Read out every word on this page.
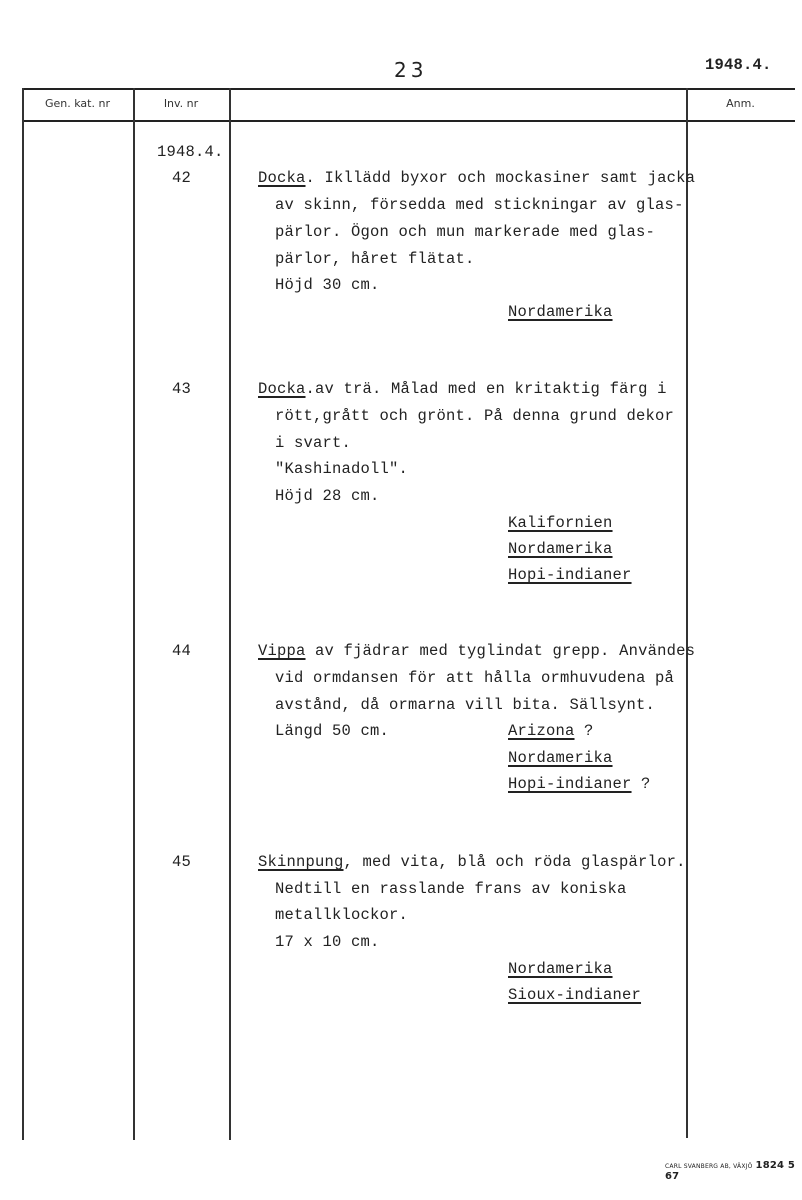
23	1948.4.
Gen. kat. nr	Inv. nr	Anm.
1948.4.
42	Docka. Ikllädd byxor och mockasiner samt jacka
av skinn, försedda med stickningar av glas-
pärlor. Ögon och mun markerade med glas-
pärlor, håret flätat.
Höjd 30 cm.
Nordamerika
43	Docka.av trä. Målad med en kritaktig färg i
rött,grått och grönt. På denna grund dekor
i svart.
"Kashinadoll".
Höjd 28 cm.
Kalifornien
Nordamerika
Hopi-indianer
44	Vippa av fjädrar med tyglindat grepp. Användes
vid ormdansen för att hålla ormhuvudena på
avstånd, då ormarna vill bita. Sällsynt.
Längd 50 cm.	Arizona ?
Nordamerika
Hopi-indianer ?
45	Skinnpung, med vita, blå och röda glaspärlor.
Nedtill en rasslande frans av koniska
metallklockor.
17 x 10 cm.
Nordamerika
Sioux-indianer
CARL SVANBERG AB, VÄXJÖ 1824 5 67
